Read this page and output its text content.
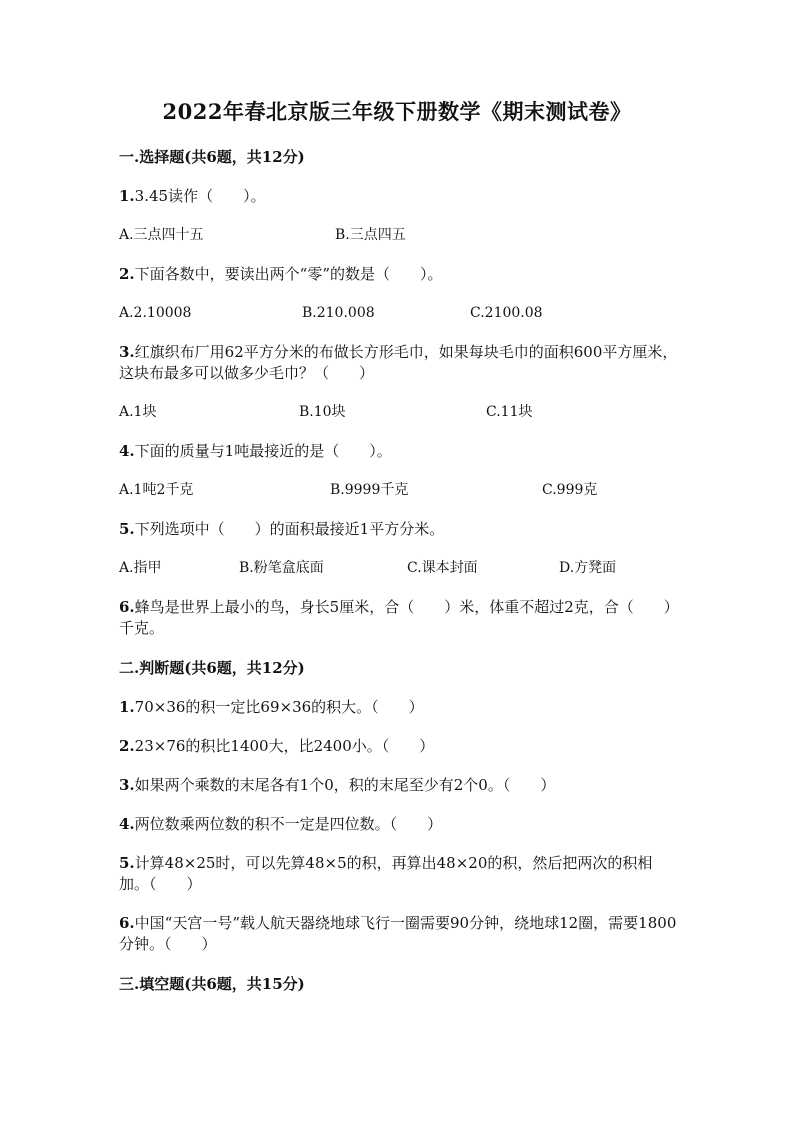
2022年春北京版三年级下册数学《期末测试卷》
一.选择题(共6题，共12分)
1.3.45读作（　　）。
A.三点四十五	B.三点四五
2.下面各数中，要读出两个“零”的数是（　　）。
A.2.10008	B.210.008	C.2100.08
3.红旗织布厂用62平方分米的布做长方形毛巾，如果每块毛巾的面积600平方厘米，这块布最多可以做多少毛巾？（　　）
A.1块	B.10块	C.11块
4.下面的质量与1吨最接近的是（　　）。
A.1吨2千克	B.9999千克	C.999克
5.下列选项中（　　）的面积最接近1平方分米。
A.指甲	B.粉笔盒底面	C.课本封面	D.方凳面
6.蜂鸟是世界上最小的鸟，身长5厘米，合（　　）米，体重不超过2克，合（　　）千克。
二.判断题(共6题，共12分)
1.70×36的积一定比69×36的积大。（　　）
2.23×76的积比1400大，比2400小。（　　）
3.如果两个乘数的末尾各有1个0，积的末尾至少有2个0。（　　）
4.两位数乘两位数的积不一定是四位数。（　　）
5.计算48×25时，可以先算48×5的积，再算出48×20的积，然后把两次的积相加。（　　）
6.中国“天宫一号”载人航天器绕地球飞行一圈需要90分钟，绕地球12圈，需要1800分钟。（　　）
三.填空题(共6题，共15分)
